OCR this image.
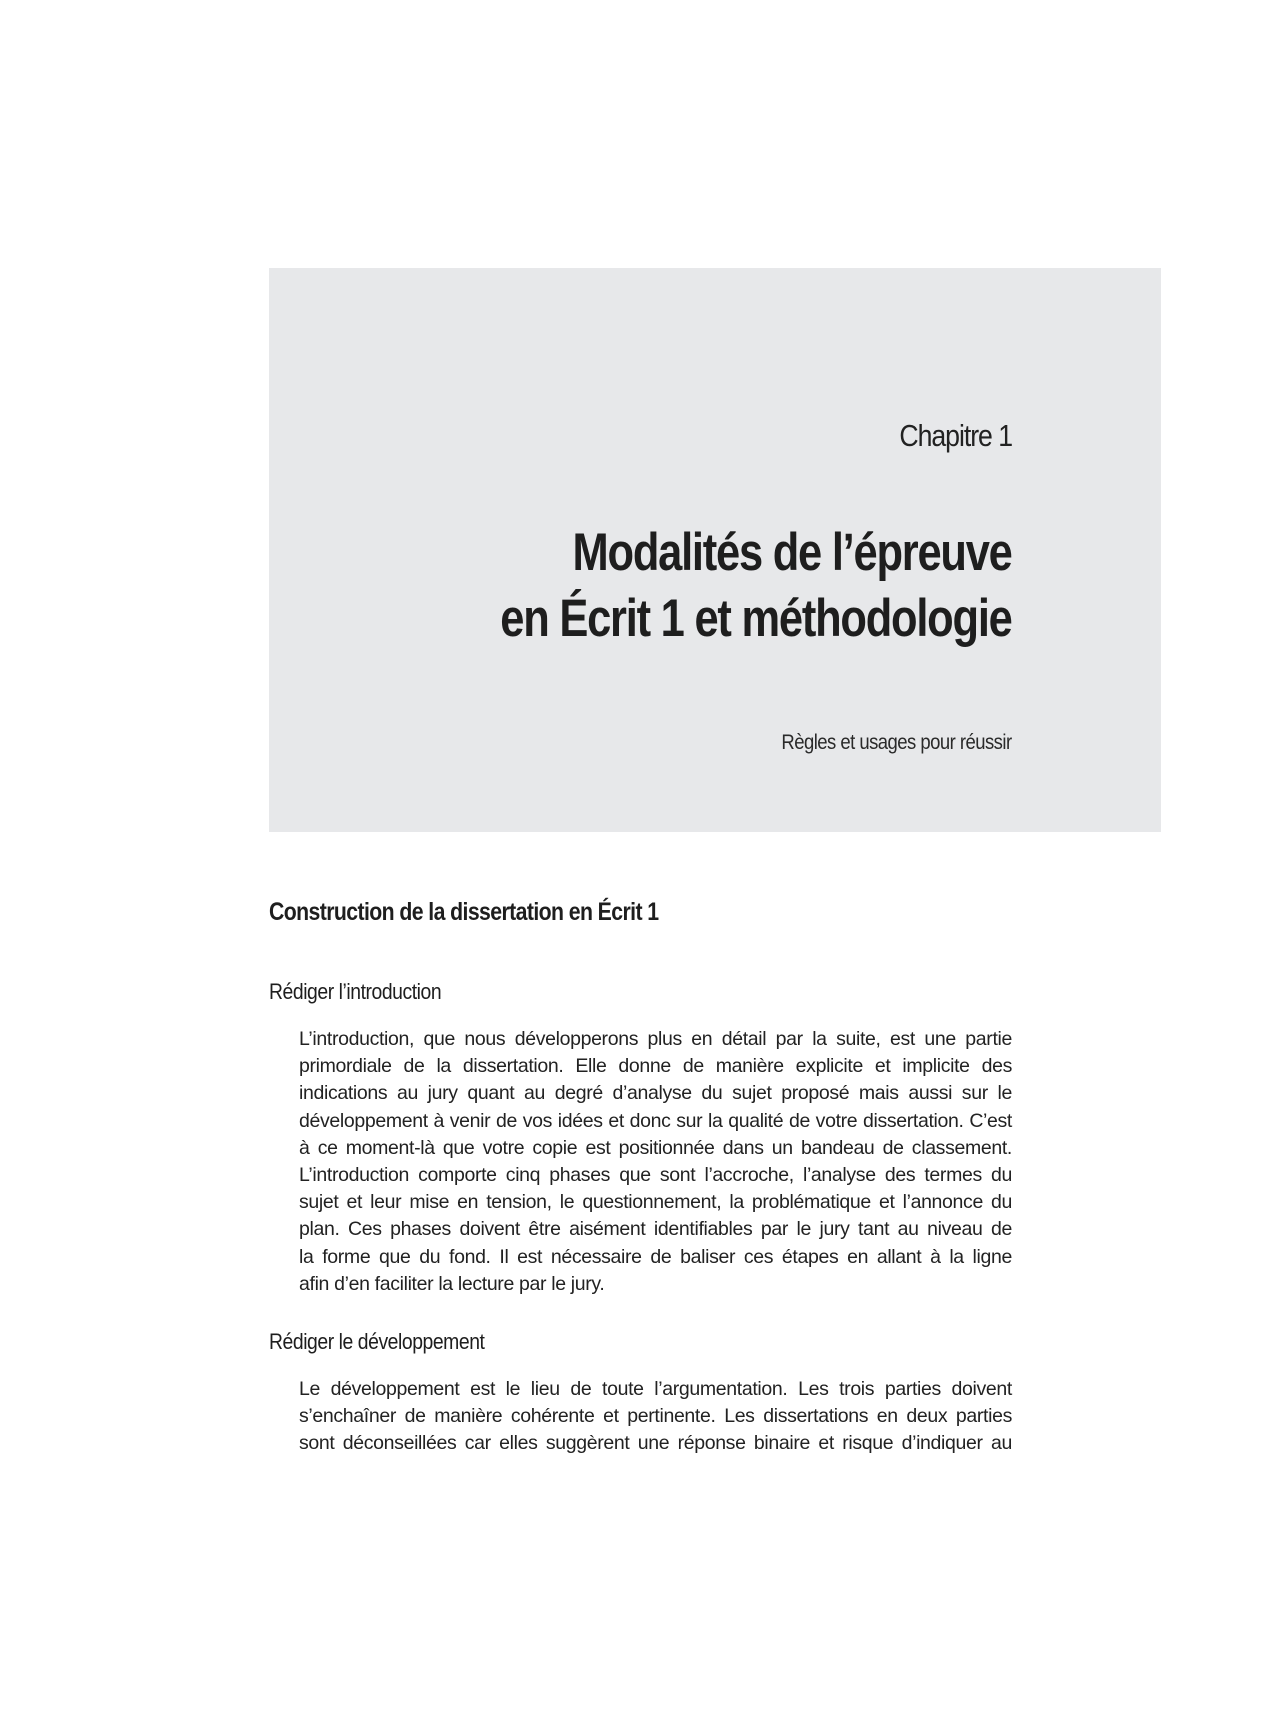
Chapitre 1
Modalités de l’épreuve
en Écrit 1 et méthodologie
Règles et usages pour réussir
Construction de la dissertation en Écrit 1
Rédiger l’introduction

L’introduction, que nous développerons plus en détail par la suite, est une partie
primordiale de la dissertation. Elle donne de manière explicite et implicite des
indications au jury quant au degré d’analyse du sujet proposé mais aussi sur le
développement à venir de vos idées et donc sur la qualité de votre dissertation. C’est
à ce moment-là que votre copie est positionnée dans un bandeau de classement.
L’introduction comporte cinq phases que sont l’accroche, l’analyse des termes du
sujet et leur mise en tension, le questionnement, la problématique et l’annonce du
plan. Ces phases doivent être aisément identifiables par le jury tant au niveau de
la forme que du fond. Il est nécessaire de baliser ces étapes en allant à la ligne
afin d’en faciliter la lecture par le jury.

Rédiger le développement

Le développement est le lieu de toute l’argumentation. Les trois parties doivent
s’enchaîner de manière cohérente et pertinente. Les dissertations en deux parties
sont déconseillées car elles suggèrent une réponse binaire et risque d’indiquer au
